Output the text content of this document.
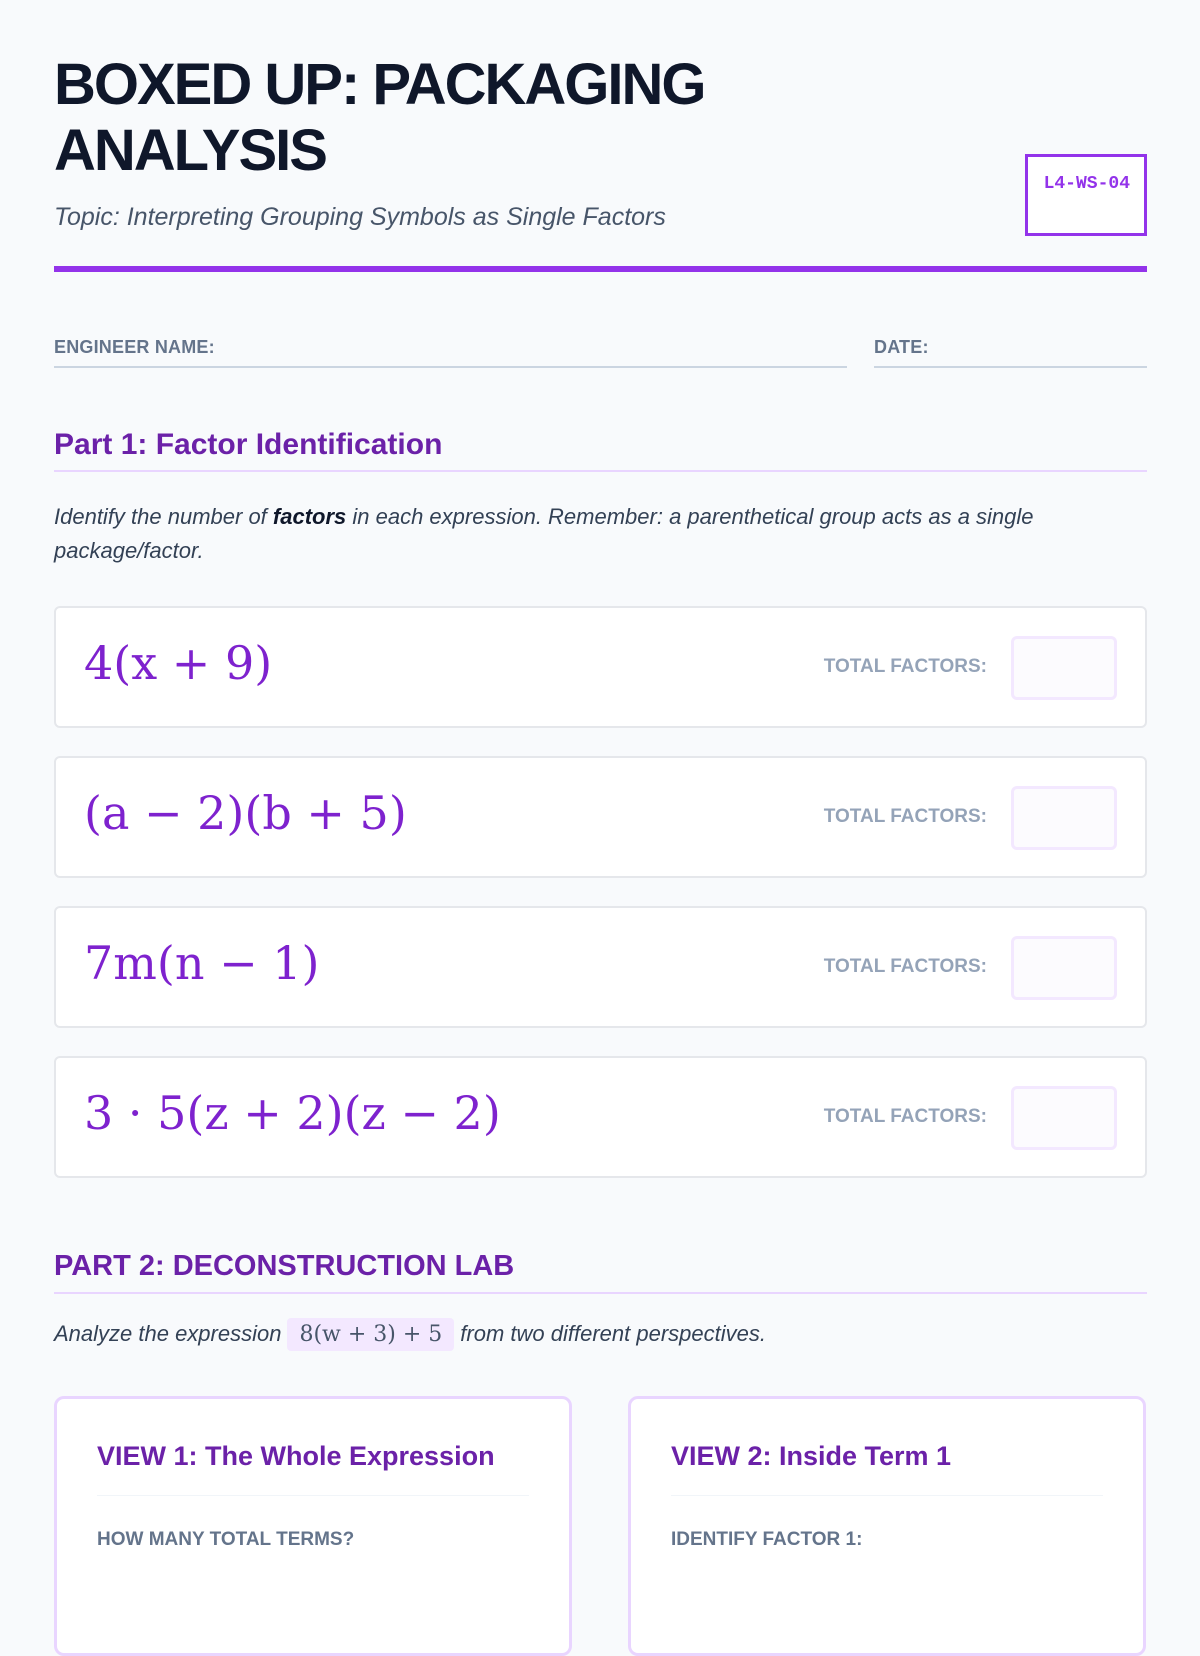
BOXED UP: PACKAGING ANALYSIS
Topic: Interpreting Grouping Symbols as Single Factors
L4-WS-04
ENGINEER NAME:	DATE:
Part 1: Factor Identification
Identify the number of factors in each expression. Remember: a parenthetical group acts as a single package/factor.
4(x + 9)	TOTAL FACTORS:
(a − 2)(b + 5)	TOTAL FACTORS:
7m(n − 1)	TOTAL FACTORS:
3 · 5(z + 2)(z − 2)	TOTAL FACTORS:
PART 2: DECONSTRUCTION LAB
Analyze the expression 8(w + 3) + 5 from two different perspectives.
VIEW 1: The Whole Expression
HOW MANY TOTAL TERMS?
VIEW 2: Inside Term 1
IDENTIFY FACTOR 1:
